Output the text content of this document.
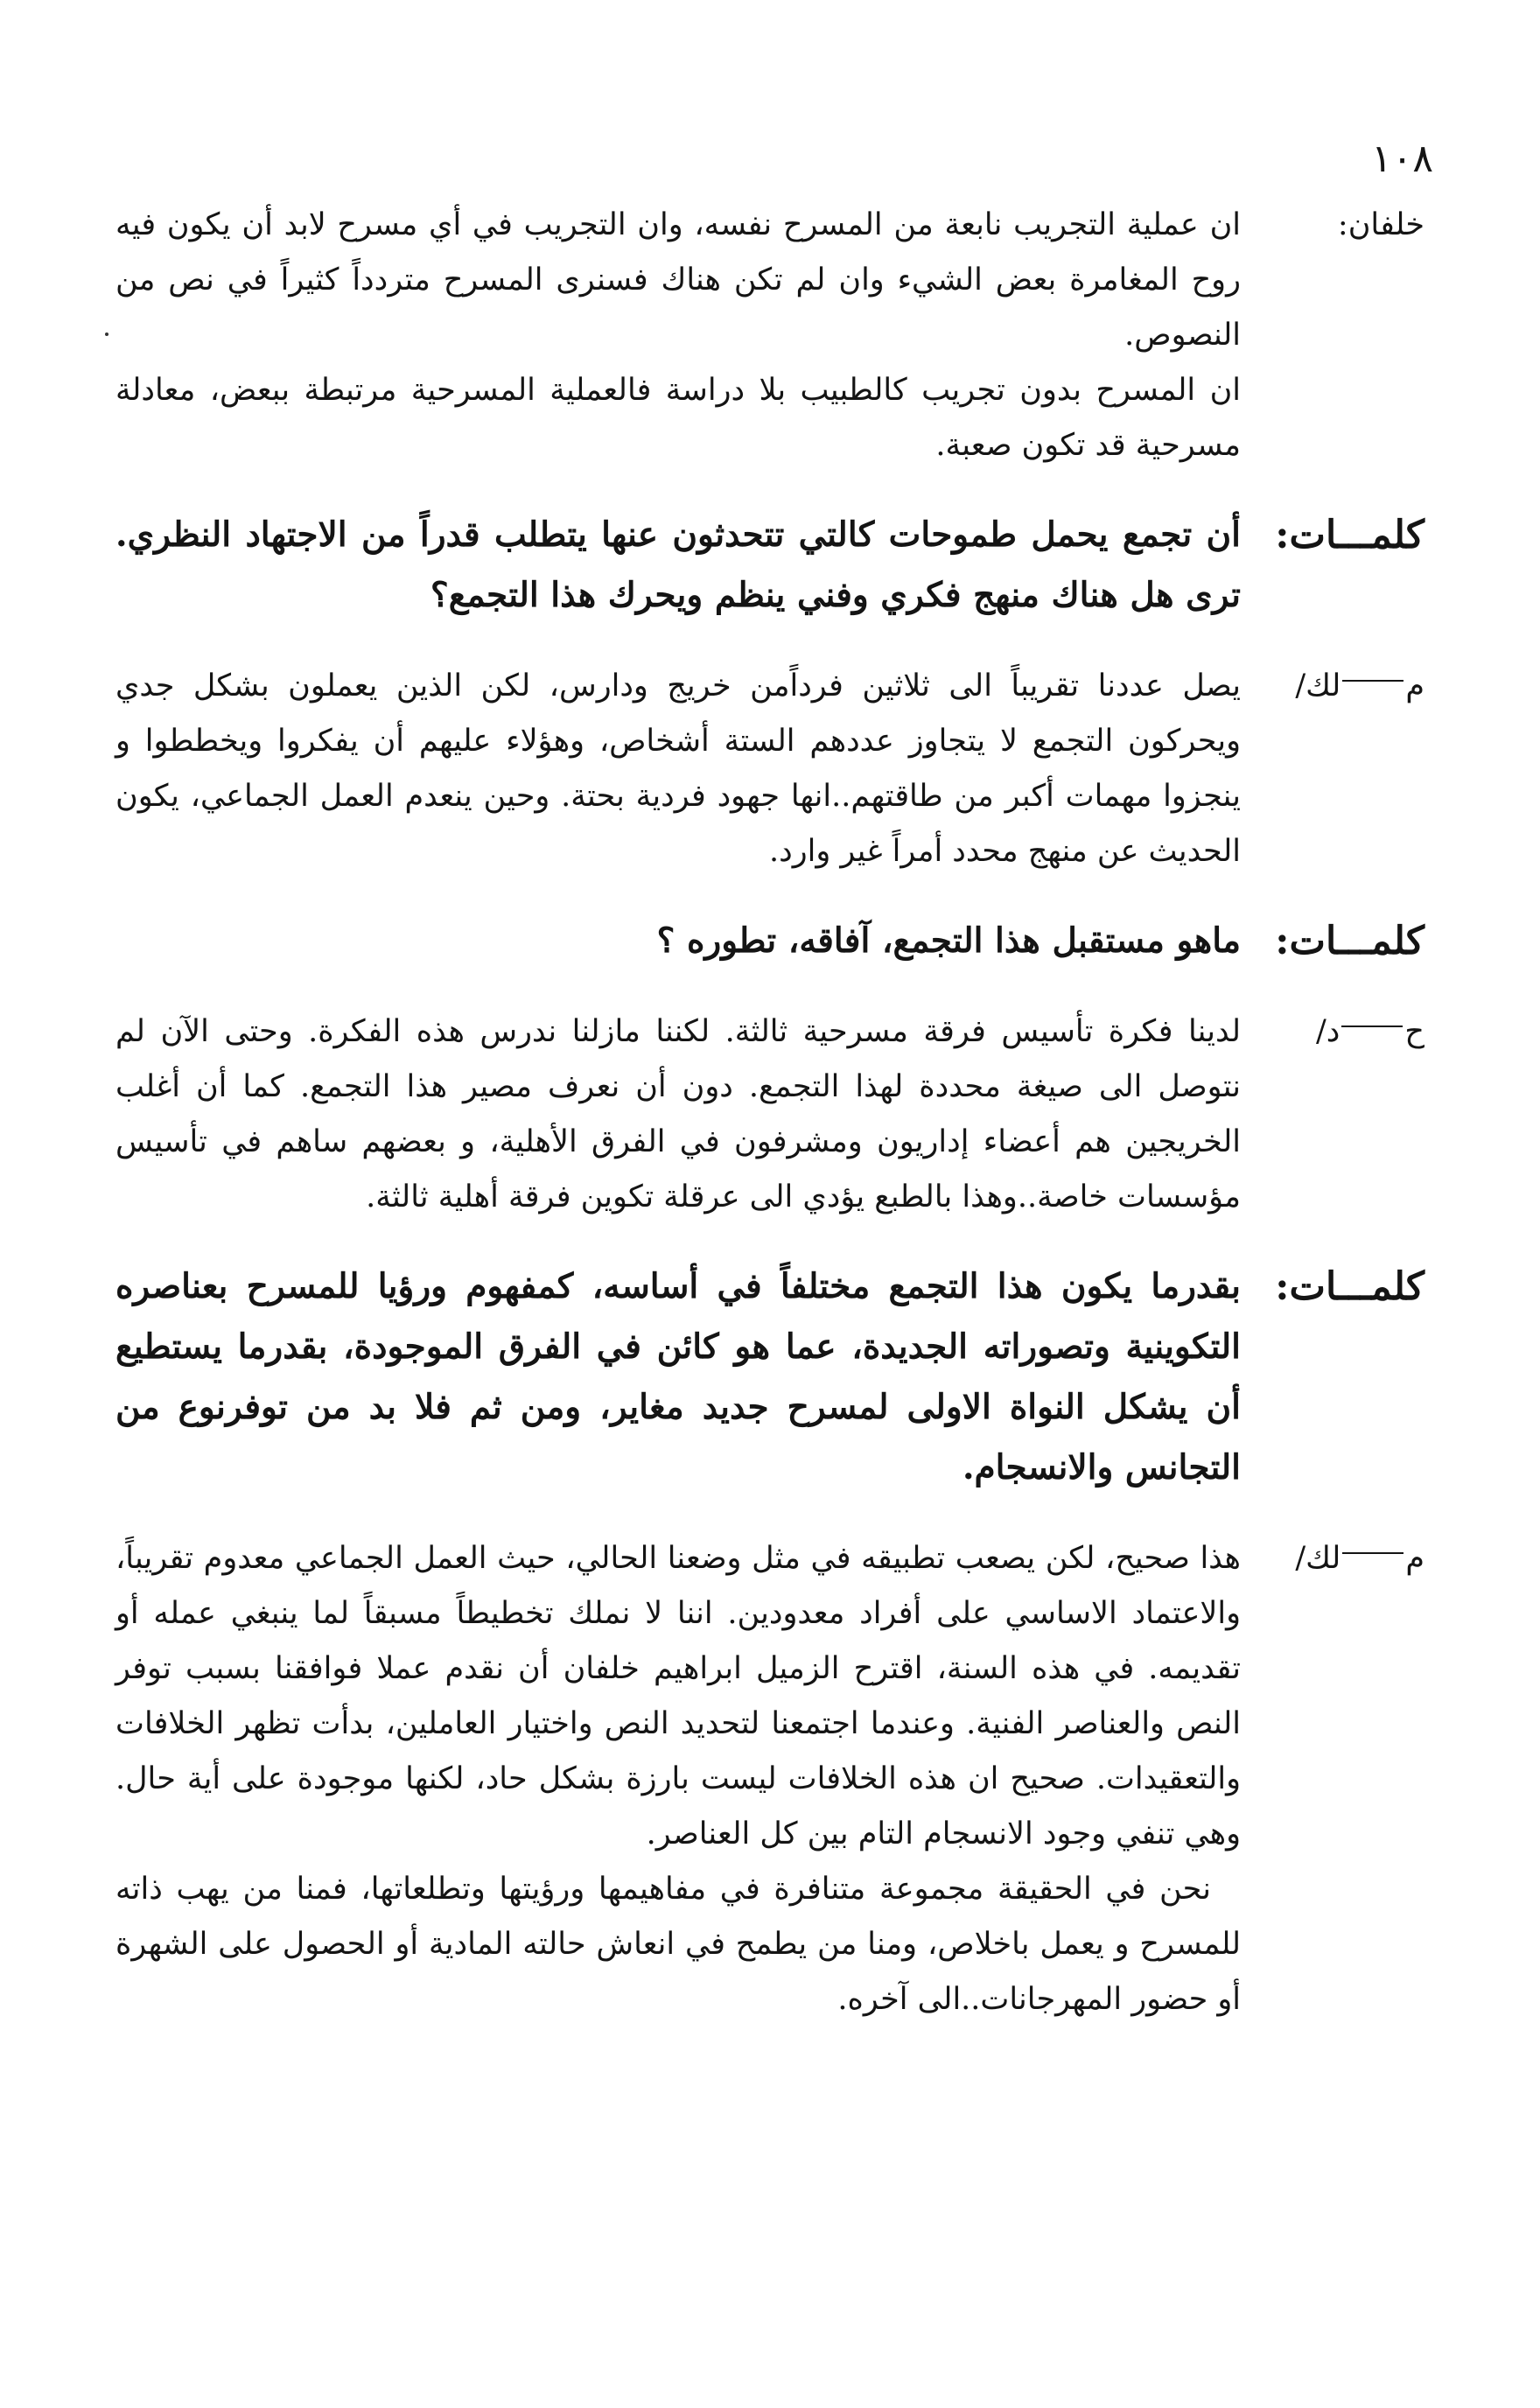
١٠٨
خلفان:

ان عملية التجريب نابعة من المسرح نفسه، وان التجريب في أي مسرح لابد أن يكون فيه روح المغامرة بعض الشيء وان لم تكن هناك فسنرى المسرح متردداً كثيراً في نص من النصوص.

ان المسرح بدون تجريب كالطبيب بلا دراسة فالعملية المسرحية مرتبطة ببعض، معادلة مسرحية قد تكون صعبة.

كلمـــات:

أن تجمع يحمل طموحات كالتي تتحدثون عنها يتطلب قدراً من الاجتهاد النظري. ترى هل هناك منهج فكري وفني ينظم ويحرك هذا التجمع؟

ملك/

يصل عددنا تقريباً الى ثلاثين فرداًمن خريج ودارس، لكن الذين يعملون بشكل جدي ويحركون التجمع لا يتجاوز عددهم الستة أشخاص، وهؤلاء عليهم أن يفكروا ويخططوا و ينجزوا مهمات أكبر من طاقتهم..انها جهود فردية بحتة. وحين ينعدم العمل الجماعي، يكون الحديث عن منهج محدد أمراً غير وارد.

كلمـــات:

ماهو مستقبل هذا التجمع، آفاقه، تطوره ؟

حد/

لدينا فكرة تأسيس فرقة مسرحية ثالثة. لكننا مازلنا ندرس هذه الفكرة. وحتى الآن لم نتوصل الى صيغة محددة لهذا التجمع. دون أن نعرف مصير هذا التجمع. كما أن أغلب الخريجين هم أعضاء إداريون ومشرفون في الفرق الأهلية، و بعضهم ساهم في تأسيس مؤسسات خاصة..وهذا بالطبع يؤدي الى عرقلة تكوين فرقة أهلية ثالثة.

كلمـــات:

بقدرما يكون هذا التجمع مختلفاً في أساسه، كمفهوم ورؤيا للمسرح بعناصره التكوينية وتصوراته الجديدة، عما هو كائن في الفرق الموجودة، بقدرما يستطيع أن يشكل النواة الاولى لمسرح جديد مغاير، ومن ثم فلا بد من توفرنوع من التجانس والانسجام.

ملك/

هذا صحيح، لكن يصعب تطبيقه في مثل وضعنا الحالي، حيث العمل الجماعي معدوم تقريباً، والاعتماد الاساسي على أفراد معدودين. اننا لا نملك تخطيطاً مسبقاً لما ينبغي عمله أو تقديمه. في هذه السنة، اقترح الزميل ابراهيم خلفان أن نقدم عملا فوافقنا بسبب توفر النص والعناصر الفنية. وعندما اجتمعنا لتحديد النص واختيار العاملين، بدأت تظهر الخلافات والتعقيدات. صحيح ان هذه الخلافات ليست بارزة بشكل حاد، لكنها موجودة على أية حال. وهي تنفي وجود الانسجام التام بين كل العناصر.

نحن في الحقيقة مجموعة متنافرة في مفاهيمها ورؤيتها وتطلعاتها، فمنا من يهب ذاته للمسرح و يعمل باخلاص، ومنا من يطمح في انعاش حالته المادية أو الحصول على الشهرة أو حضور المهرجانات..الى آخره.
